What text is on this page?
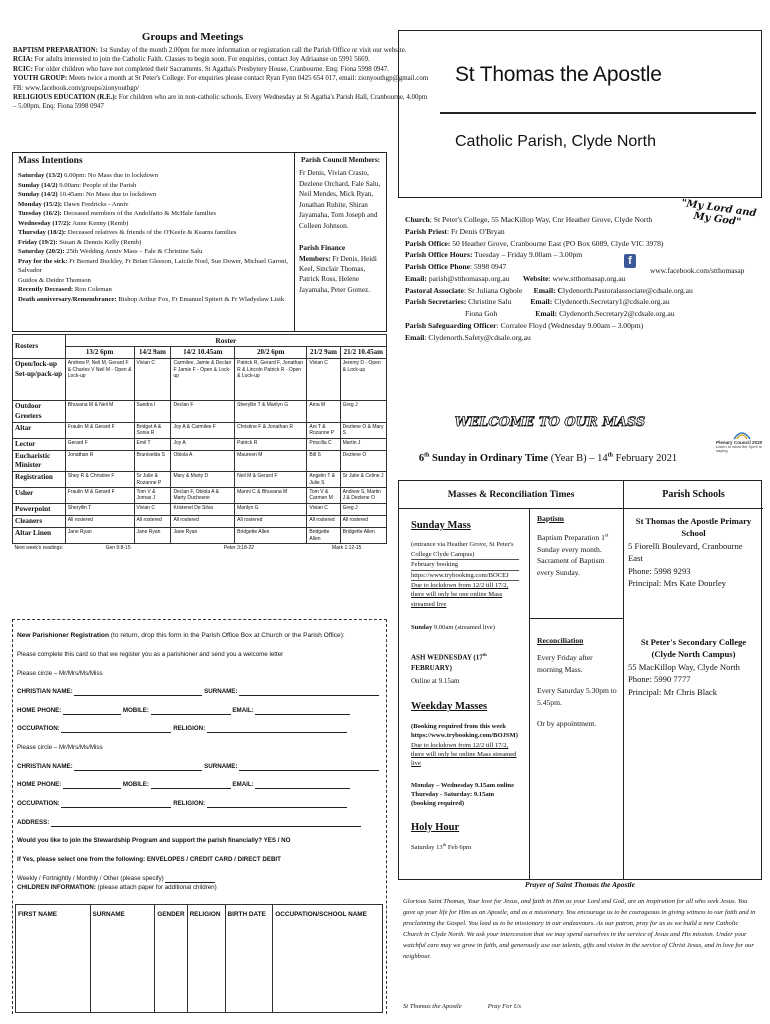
Groups and Meetings

BAPTISM PREPARATION: 1st Sunday of the month 2.00pm for more information or registration call the Parish Office or visit our website.

RCIA: For adults interested to join the Catholic Faith. Classes to begin soon. For enquiries, contact Joy Adriaanse on 5991 5669.

RCIC: For older children who have not completed their Sacraments. St Agatha's Presbytery House, Cranbourne. Enq: Fiona 5998 0947.

YOUTH GROUP: Meets twice a month at St Peter's College. For enquiries please contact Ryan Fynn 0425 654 017, email: zionyouthgp@gmail.com

FB: www.facebook.com/groups/zionyouthgp/

RELIGIOUS EDUCATION (R.E.): For children who are in non-catholic schools. Every Wednesday at St Agatha's Parish Hall, Cranbourne, 4.00pm

– 5.00pm. Enq: Fiona 5998 0947

Mass Intentions

Saturday (13/2) 6.00pm: No Mass due to lockdown

Sunday (14/2) 9.00am: People of the Parish

Sunday (14/2) 10.45am: No Mass due to lockdown

Monday (15/2): Dawn Fredricks - Anniv

Tuesday (16/2): Deceased members of the Andolfatto & McHale families

Wednesday (17/2): Anne Kenny (Remb)

Thursday (18/2): Deceased relatives & friends of the O'Keefe & Kearns families

Friday (19/2): Susan & Dennis Kelly (Remb)

Saturday (20/2): 25th Wedding Anniv Mass – Fale & Christine Salu

Pray for the sick: Fr Bernard Buckley, Fr Brian Gleeson, Laicile Noel, Sue Dower, Michael Garoni, Salvador

Guidos & Deidre Thomson

Recently Deceased: Ron Coleman

Death anniversary/Remembrance: Bishop Arthur Fox, Fr Emanuel Spiteri & Fr Wladyslaw Lisik

Parish Council Members:
Fr Denis, Vivian Crasto, Dezlene Orchard, Fale Salu, Neil Mendes, Mick Ryan, Jonathan Rubite, Shiran Jayamaha, Tom Joseph and Colleen Johnson.
Parish Finance
Members: Fr Denis, Heidi Keel, Sinclair Thomas, Patrick Ross, Helene Jayamaha, Peter Gomez.
Rosters	Roster					
	13/2 6pm	14/2 9am	14/2 10.45am	20/2 6pm	21/2 9am	21/2 10.45am
Open/lock-up Set-up/pack-up	Andrew P, Neil M, Gerard F & Charles V Neil M - Open & Lock-up	Vivian C	Carmilee, Jamie & Declan F Jamie F - Open & Lock-up	Patrick R, Gerard F, Jonathan R & Lincoln Patrick R - Open & Lock-up	Vivian C	Jeremy D - Open & Lock-up
Outdoor Greeters	Bhuvana M & Neil M	Sandra I	Declan F	Sheryllin T & Marilyn G	Ama M	Greg J
Altar	Fraulin M & Gerard F	Bridget A & Sonia R	Joy A & Carmilee F	Christine F & Jonathan R	Ani T & Rozanne P	Dezlene O & Mary S
Lector	Gerard F	Emil T	Joy A	Patrick R	Priscilla C	Martin J
Eucharistic Minister	Jonathan R	Bruniselda S	Obiola A	Maureen M	Bill S	Dezlene O
Registration	Shey R & Christine F	Sr Julie & Rozanne P	Mary & Marty D	Neil M & Gerard F	Angelin T & Julie S	Sr Julie & Celine J
Usher	Fraulin M & Gerard F	Tom V & Jomas J	Declan F, Obiola A & Marty Duchesne	Manni C & Bhuvana M	Tom V & Carmen M	Andrew S, Martin J & Dezlene O
Powerpoint	Sheryllin T	Vivian C	Kristenel De Silva	Marilyn G	Vivian C	Greg J
Cleaners	All rostered	All rostered	All rostered	All rostered	All rostered	All rostered
Altar Linen	Jane Ryan	Jane Ryan	Jane Ryan	Bridgette Allen	Bridgette Allen	Bridgette Allen
Next week's readings:	Gen 9:8-15		Peter 3:18-22		Mark 1:12-15	
New Parishioner Registration (to return, drop this form in the Parish Office Box at Church or the Parish Office):
Please complete this card so that we register you as a parishioner and send you a welcome letter
Please circle – Mr/Mrs/Ms/Miss
CHRISTIAN NAME:	SURNAME:
HOME PHONE:	MOBILE:	EMAIL:
OCCUPATION:	RELIGION:
Please circle – Mr/Mrs/Ms/Miss
CHRISTIAN NAME:	SURNAME:
HOME PHONE:	MOBILE:	EMAIL:
OCCUPATION:	RELIGION:
ADDRESS:
Would you like to join the Stewardship Program and support the parish financially? YES / NO
If Yes, please select one from the following: ENVELOPES / CREDIT CARD / DIRECT DEBIT
Weekly / Fortnightly / Monthly / Other (please specify)
CHILDREN INFORMATION: (please attach paper for additional children)
FIRST NAME	SURNAME	GENDER	RELIGION	BIRTH DATE	OCCUPATION/SCHOOL NAME
St Thomas the Apostle
Catholic Parish, Clyde North
"My Lord and My God"

Church: St Peter's College, 55 MacKillop Way, Cnr Heather Grove, Clyde North

Parish Priest: Fr Denis O'Bryan

Parish Office: 50 Heather Grove, Cranbourne East (PO Box 6089, Clyde VIC 3978)

Parish Office Hours: Tuesday – Friday 9.00am – 3.00pm

Parish Office Phone: 5998 0947

Email: parish@stthomasap.org.au Website: www.stthomasap.org.au

Pastoral Associate: Sr Juliana Ogbole Email: Clydenorth.Pastoralassociate@cdsale.org.au

Parish Secretaries: Christine Salu Email: Clydenorth.Secretary1@cdsale.org.au

Fiona Goh	Email: Clydenorth.Secretary2@cdsale.org.au

Parish Safeguarding Officer: Corralee Floyd (Wednesday 9.00am – 3.00pm)

Email: Clydenorth.Safety@cdsale.org.au

f
www.facebook.com/stthomasap
WELCOME TO OUR MASS
Plenary Council 2020
Listen to what the Spirit is saying
6th Sunday in Ordinary Time (Year B) – 14th February 2021
Masses & Reconciliation Times	Parish Schools
Sunday Mass
(entrance via Heather Grove, St Peter's College Clyde Campus)
February booking
https://www.trybooking.com/BOCEJ
Due to lockdown from 12/2 till 17/2, there will only be one online Mass streamed live
Sunday 9.00am (streamed live)
ASH WEDNESDAY (17th FEBRUARY)
Online at 9.15am
Weekday Masses
(Booking required from this week https://www.trybooking.com/BOJSM)
Due to lockdown from 12/2 till 17/2, there will only be online Mass streamed live
Monday – Wednesday 9.15am online Thursday - Saturday: 9.15am (booking required)
Holy Hour
Saturday 13th Feb 6pm
Baptism
Baptism Preparation 1st Sunday every month. Sacrament of Baptism every Sunday.
Reconciliation
Every Friday after morning Mass.
Every Saturday 5.30pm to 5.45pm.
Or by appointment.
St Thomas the Apostle Primary School
5 Fiorelli Boulevard, Cranbourne East
Phone: 5998 9293
Principal: Mrs Kate Dourley
St Peter's Secondary College (Clyde North Campus)
55 MacKillop Way, Clyde North
Phone: 5990 7777
Principal: Mr Chris Black
Prayer of Saint Thomas the Apostle
Glorious Saint Thomas, Your love for Jesus, and faith in Him as your Lord and God, are an inspiration for all who seek Jesus. You gave up your life for Him as an Apostle, and as a missionary. You encourage us to be courageous in giving witness to our faith and in proclaiming the Gospel. You lead us to be missionary in our endeavours. As our patron, pray for us as we build a new Catholic Church in Clyde North. We ask your intercession that we may spend ourselves in the service of Jesus and His mission. Under your watchful care may we grow in faith, and generously use our talents, gifts and vision in the service of Christ Jesus, and in love for our neighbour.
St Thomas the Apostle	Pray For Us
